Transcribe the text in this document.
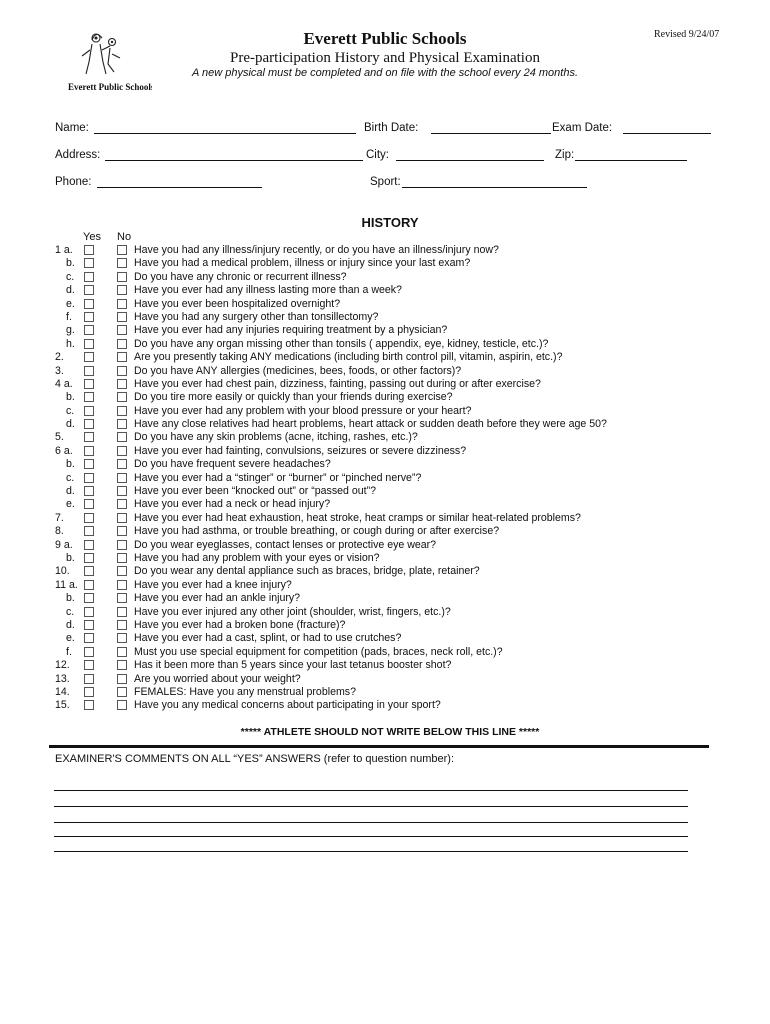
Everett Public Schools
Everett Public Schools
Pre-participation History and Physical Examination
A new physical must be completed and on file with the school every 24 months.
Revised 9/24/07
Name:	Birth Date:	Exam Date:
Address:	City:	Zip:
Phone:	Sport:
HISTORY
Yes No
1 a.	Have you had any illness/injury recently, or do you have an illness/injury now?
b.	Have you had a medical problem, illness or injury since your last exam?
c.	Do you have any chronic or recurrent illness?
d.	Have you ever had any illness lasting more than a week?
e.	Have you ever been hospitalized overnight?
f.	Have you had any surgery other than tonsillectomy?
g.	Have you ever had any injuries requiring treatment by a physician?
h.	Do you have any organ missing other than tonsils ( appendix, eye, kidney, testicle, etc.)?
2.	Are you presently taking ANY medications (including birth control pill, vitamin, aspirin, etc.)?
3.	Do you have ANY allergies (medicines, bees, foods, or other factors)?
4 a.	Have you ever had chest pain, dizziness, fainting, passing out during or after exercise?
b.	Do you tire more easily or quickly than your friends during exercise?
c.	Have you ever had any problem with your blood pressure or your heart?
d.	Have any close relatives had heart problems, heart attack or sudden death before they were age 50?
5.	Do you have any skin problems (acne, itching, rashes, etc.)?
6 a.	Have you ever had fainting, convulsions, seizures or severe dizziness?
b.	Do you have frequent severe headaches?
c.	Have you ever had a “stinger” or “burner” or “pinched nerve”?
d.	Have you ever been “knocked out” or “passed out”?
e.	Have you ever had a neck or head injury?
7.	Have you ever had heat exhaustion, heat stroke, heat cramps or similar heat-related problems?
8.	Have you had asthma, or trouble breathing, or cough during or after exercise?
9 a.	Do you wear eyeglasses, contact lenses or protective eye wear?
b.	Have you had any problem with your eyes or vision?
10.	Do you wear any dental appliance such as braces, bridge, plate, retainer?
11 a.	Have you ever had a knee injury?
b.	Have you ever had an ankle injury?
c.	Have you ever injured any other joint (shoulder, wrist, fingers, etc.)?
d.	Have you ever had a broken bone (fracture)?
e.	Have you ever had a cast, splint, or had to use crutches?
f.	Must you use special equipment for competition (pads, braces, neck roll, etc.)?
12.	Has it been more than 5 years since your last tetanus booster shot?
13.	Are you worried about your weight?
14.	FEMALES: Have you any menstrual problems?
15.	Have you any medical concerns about participating in your sport?
***** ATHLETE SHOULD NOT WRITE BELOW THIS LINE *****
EXAMINER'S COMMENTS ON ALL “YES” ANSWERS (refer to question number):
